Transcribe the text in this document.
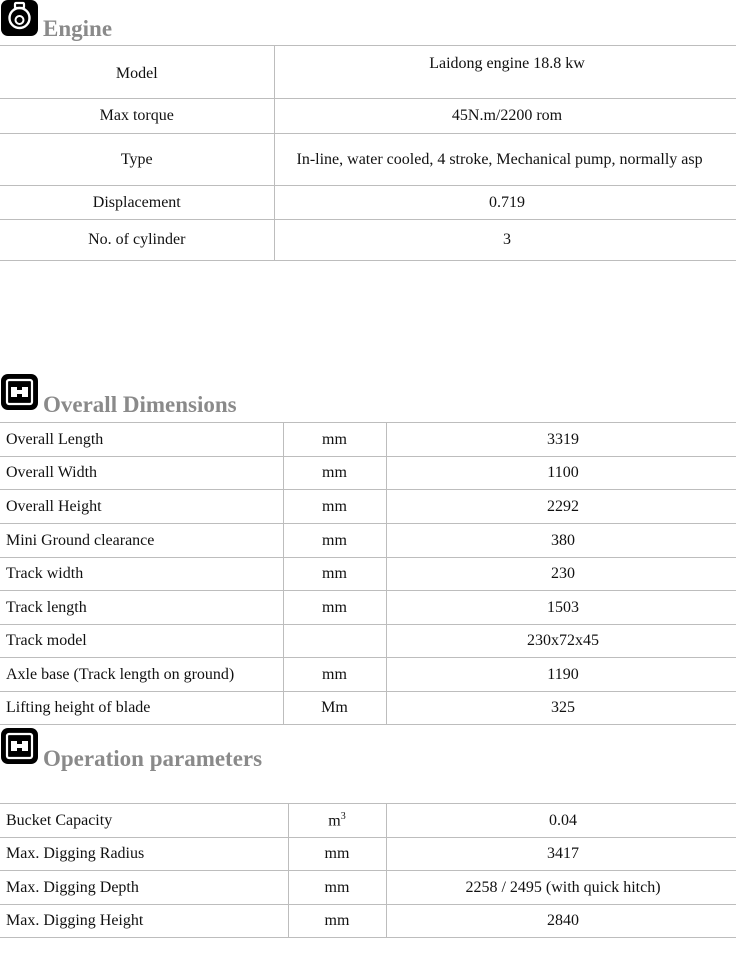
Engine
Model	Laidong engine 18.8 kw
Max torque	45N.m/2200 rom
Type	In-line, water cooled, 4 stroke, Mechanical pump, normally asp
Displacement	0.719
No. of cylinder	3
Overall Dimensions
Overall Length	mm	3319
Overall Width	mm	1100
Overall Height	mm	2292
Mini Ground clearance	mm	380
Track width	mm	230
Track length	mm	1503
Track model		230x72x45
Axle base (Track length on ground)	mm	1190
Lifting height of blade	Mm	325
Operation parameters
Bucket Capacity	$m^3$	0.04
Max. Digging Radius	mm	3417
Max. Digging Depth	mm	2258 / 2495 (with quick hitch)
Max. Digging Height	mm	2840
